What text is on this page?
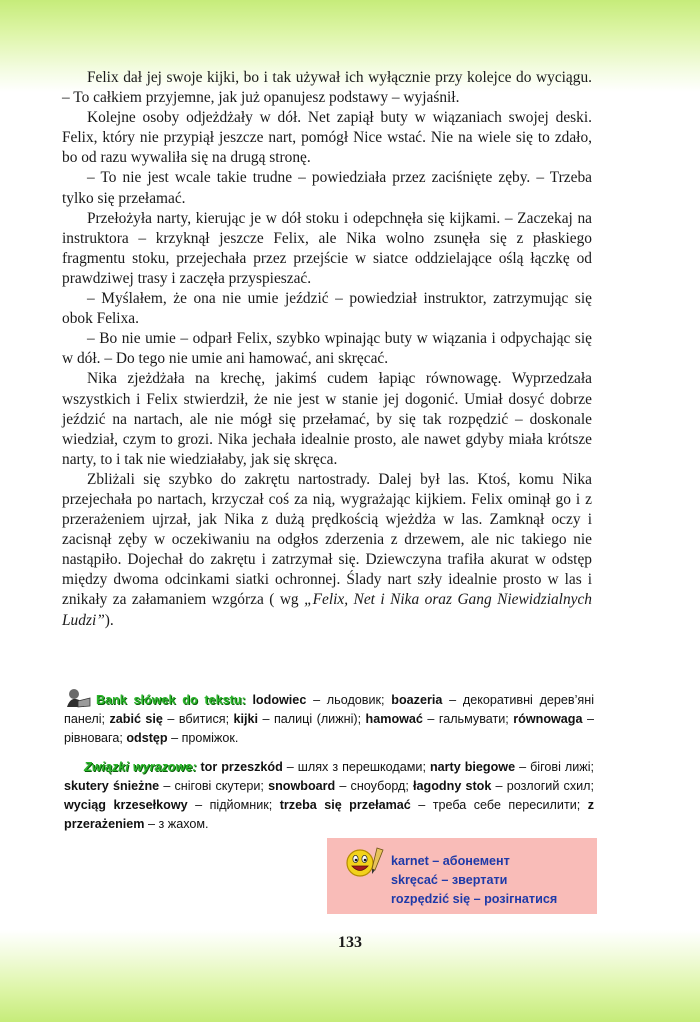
Felix dał jej swoje kijki, bo i tak używał ich wyłącznie przy kolejce do wyciągu. – To całkiem przyjemne, jak już opanujesz podstawy – wyjaśnił.

Kolejne osoby odjeżdżały w dół. Net zapiął buty w wiązaniach swojej deski. Felix, który nie przypiął jeszcze nart, pomógł Nice wstać. Nie na wiele się to zdało, bo od razu wywaliła się na drugą stronę.

– To nie jest wcale takie trudne – powiedziała przez zaciśnięte zęby. – Trzeba tylko się przełamać.

Przełożyła narty, kierując je w dół stoku i odepchnęła się kijkami. – Zaczekaj na instruktora – krzyknął jeszcze Felix, ale Nika wolno zsunęła się z płaskiego fragmentu stoku, przejechała przez przejście w siatce oddzielające oślą łączkę od prawdziwej trasy i zaczęła przyspieszać.

– Myślałem, że ona nie umie jeździć – powiedział instruktor, zatrzymując się obok Felixa.

– Bo nie umie – odparł Felix, szybko wpinając buty w wiązania i odpychając się w dół. – Do tego nie umie ani hamować, ani skręcać.

Nika zjeżdżała na krechę, jakimś cudem łapiąc równowagę. Wyprzedzała wszystkich i Felix stwierdził, że nie jest w stanie jej dogonić. Umiał dosyć dobrze jeździć na nartach, ale nie mógł się przełamać, by się tak rozpędzić – doskonale wiedział, czym to grozi. Nika jechała idealnie prosto, ale nawet gdyby miała krótsze narty, to i tak nie wiedziałaby, jak się skręca.

Zbliżali się szybko do zakrętu nartostrady. Dalej był las. Ktoś, komu Nika przejechała po nartach, krzyczał coś za nią, wygrażając kijkiem. Felix ominął go i z przerażeniem ujrzał, jak Nika z dużą prędkością wjeżdża w las. Zamknął oczy i zacisnął zęby w oczekiwaniu na odgłos zderzenia z drzewem, ale nic takiego nie nastąpiło. Dojechał do zakrętu i zatrzymał się. Dziewczyna trafiła akurat w odstęp między dwoma odcinkami siatki ochronnej. Ślady nart szły idealnie prosto w las i znikały za załamaniem wzgórza ( wg „Felix, Net i Nika oraz Gang Niewidzialnych Ludzi”).

Bank słówek do tekstu: lodowiec – льодовик; boazeria – декоративні дерев’яні панелі; zabić się – вбитися; kijki – палиці (лижні); hamować – гальмувати; równowaga – рівновага; odstęp – проміжок.

Związki wyrazowe: tor przeszkód – шлях з перешкодами; narty biegowe – бігові лижі; skutery śnieżne – снігові скутери; snowboard – сноуборд; łagodny stok – розлогий схил; wyciąg krzesełkowy – підйомник; trzeba się przełamać – треба себе пересилити; z przerażeniem – з жахом.

karnet – абонемент
skręcać – звертати
rozpędzić się – розігнатися
133
